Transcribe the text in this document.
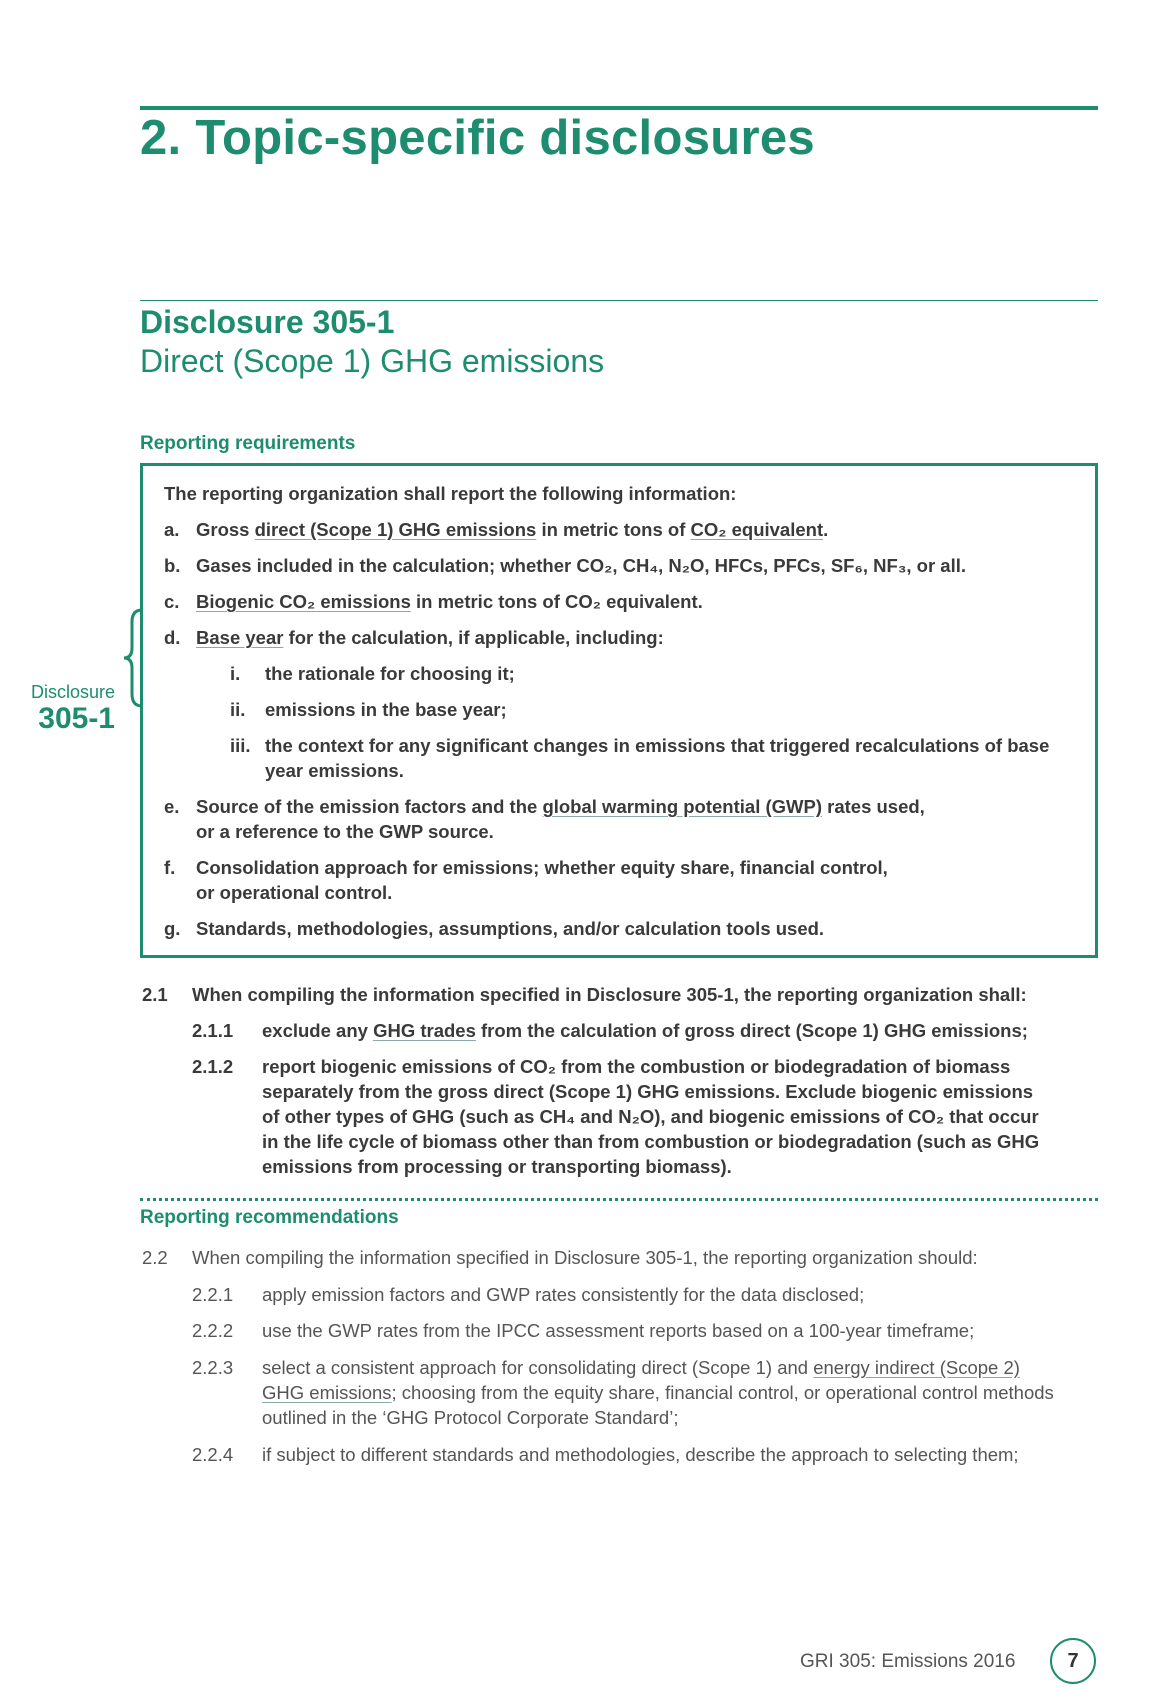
2. Topic-specific disclosures
Disclosure 305-1
Direct (Scope 1) GHG emissions
Reporting requirements
Disclosure
305-1
The reporting organization shall report the following information:
a. Gross direct (Scope 1) GHG emissions in metric tons of CO₂ equivalent.
b. Gases included in the calculation; whether CO₂, CH₄, N₂O, HFCs, PFCs, SF₆, NF₃, or all.
c. Biogenic CO₂ emissions in metric tons of CO₂ equivalent.
d. Base year for the calculation, if applicable, including:
i. the rationale for choosing it;
ii. emissions in the base year;
iii. the context for any significant changes in emissions that triggered recalculations of base
year emissions.
e. Source of the emission factors and the global warming potential (GWP) rates used,
or a reference to the GWP source.
f. Consolidation approach for emissions; whether equity share, financial control,
or operational control.
g. Standards, methodologies, assumptions, and/or calculation tools used.
2.1 When compiling the information specified in Disclosure 305-1, the reporting organization shall:
2.1.1 exclude any GHG trades from the calculation of gross direct (Scope 1) GHG emissions;
2.1.2 report biogenic emissions of CO₂ from the combustion or biodegradation of biomass
separately from the gross direct (Scope 1) GHG emissions. Exclude biogenic emissions
of other types of GHG (such as CH₄ and N₂O), and biogenic emissions of CO₂ that occur
in the life cycle of biomass other than from combustion or biodegradation (such as GHG
emissions from processing or transporting biomass).
Reporting recommendations
2.2 When compiling the information specified in Disclosure 305-1, the reporting organization should:
2.2.1 apply emission factors and GWP rates consistently for the data disclosed;
2.2.2 use the GWP rates from the IPCC assessment reports based on a 100-year timeframe;
2.2.3 select a consistent approach for consolidating direct (Scope 1) and energy indirect (Scope 2)
GHG emissions; choosing from the equity share, financial control, or operational control methods
outlined in the ‘GHG Protocol Corporate Standard’;
2.2.4 if subject to different standards and methodologies, describe the approach to selecting them;
GRI 305: Emissions 2016	7
